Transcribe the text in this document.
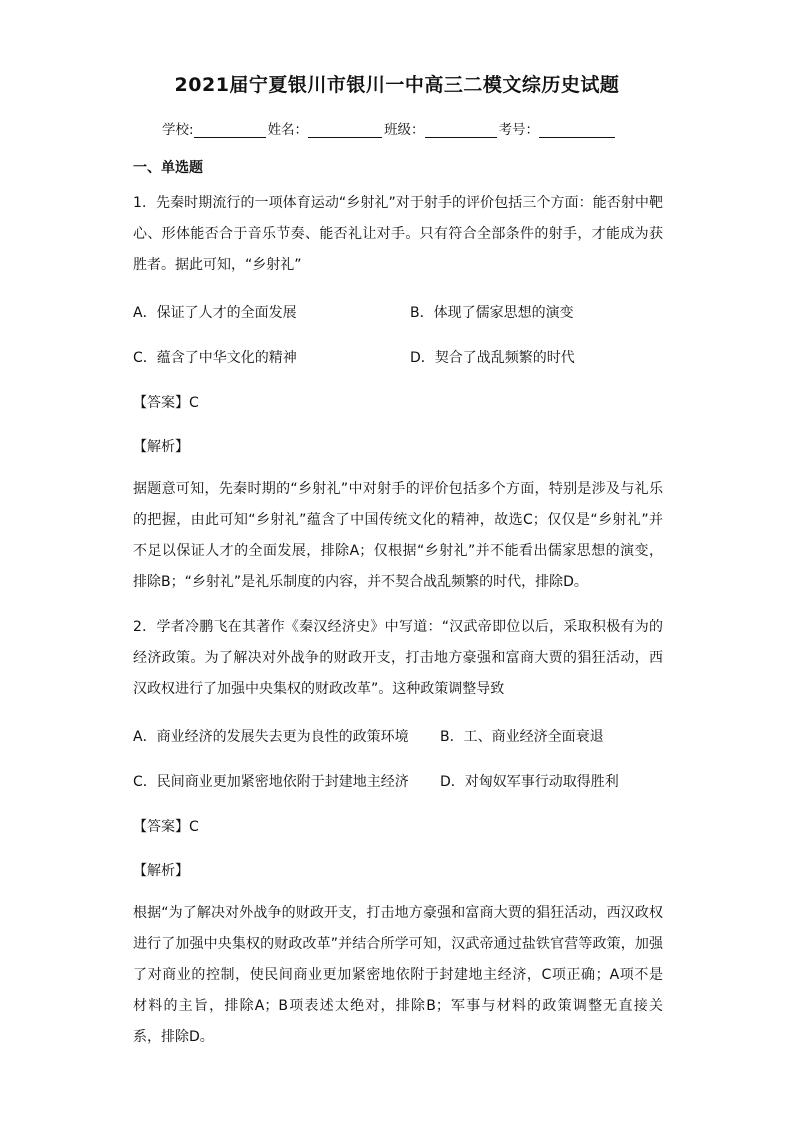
2021届宁夏银川市银川一中高三二模文综历史试题
学校:	姓名：	班级：	考号：
一、单选题
1．先秦时期流行的一项体育运动“乡射礼”对于射手的评价包括三个方面：能否射中靶
心、形体能否合于音乐节奏、能否礼让对手。只有符合全部条件的射手，才能成为获
胜者。据此可知，“乡射礼”
A．保证了人才的全面发展	B．体现了儒家思想的演变
C．蕴含了中华文化的精神	D．契合了战乱频繁的时代
【答案】C
【解析】
据题意可知，先秦时期的“乡射礼”中对射手的评价包括多个方面，特别是涉及与礼乐
的把握，由此可知“乡射礼”蕴含了中国传统文化的精神，故选C；仅仅是“乡射礼”并
不足以保证人才的全面发展，排除A；仅根据“乡射礼”并不能看出儒家思想的演变，
排除B；“乡射礼”是礼乐制度的内容，并不契合战乱频繁的时代，排除D。
2．学者冷鹏飞在其著作《秦汉经济史》中写道：“汉武帝即位以后，采取积极有为的
经济政策。为了解决对外战争的财政开支，打击地方豪强和富商大贾的猖狂活动，西
汉政权进行了加强中央集权的财政改革”。这种政策调整导致
A．商业经济的发展失去更为良性的政策环境 B．工、商业经济全面衰退
C．民间商业更加紧密地依附于封建地主经济 D．对匈奴军事行动取得胜利
【答案】C
【解析】
根据“为了解决对外战争的财政开支，打击地方豪强和富商大贾的猖狂活动，西汉政权
进行了加强中央集权的财政改革”并结合所学可知，汉武帝通过盐铁官营等政策，加强
了对商业的控制，使民间商业更加紧密地依附于封建地主经济，C项正确；A项不是
材料的主旨，排除A；B项表述太绝对，排除B；军事与材料的政策调整无直接关
系，排除D。
